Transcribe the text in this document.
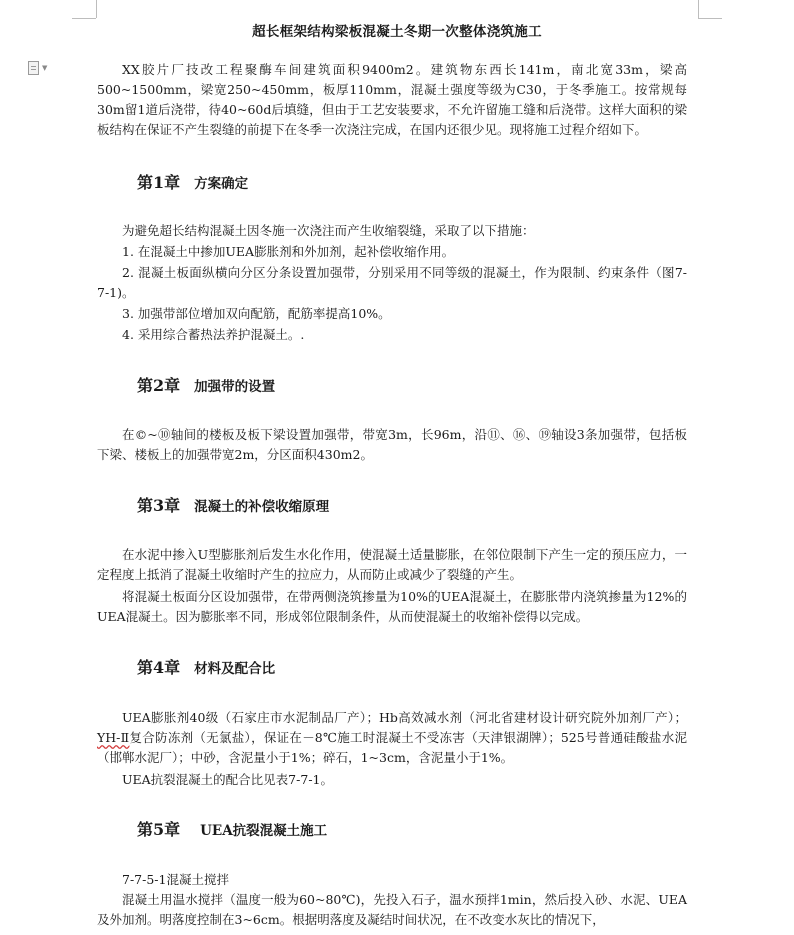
▼
超长框架结构梁板混凝土冬期一次整体浇筑施工
XX胶片厂技改工程聚酶车间建筑面积9400m2。建筑物东西长141m，南北宽33m，梁高500~1500mm，梁宽250~450mm，板厚110mm，混凝土强度等级为C30，于冬季施工。按常规每30m留1道后浇带，待40~60d后填缝，但由于工艺安装要求，不允许留施工缝和后浇带。这样大面积的梁板结构在保证不产生裂缝的前提下在冬季一次浇注完成，在国内还很少见。现将施工过程介绍如下。
第1章 方案确定
为避免超长结构混凝土因冬施一次浇注而产生收缩裂缝，采取了以下措施：
1. 在混凝土中掺加UEA膨胀剂和外加剂，起补偿收缩作用。
2. 混凝土板面纵横向分区分条设置加强带，分别采用不同等级的混凝土，作为限制、约束条件（图7-7-1)。
3. 加强带部位增加双向配筋，配筋率提高10%。
4. 采用综合蓄热法养护混凝土。.
第2章 加强带的设置
在©~⑩轴间的楼板及板下梁设置加强带，带宽3m，长96m，沿⑪、⑯、⑲轴设3条加强带，包括板下梁、楼板上的加强带宽2m，分区面积430m2。
第3章 混凝土的补偿收缩原理
在水泥中掺入U型膨胀剂后发生水化作用，使混凝土适量膨胀，在邻位限制下产生一定的预压应力，一定程度上抵消了混凝土收缩时产生的拉应力，从而防止或减少了裂缝的产生。
将混凝土板面分区设加强带，在带两侧浇筑掺量为10%的UEA混凝土，在膨胀带内浇筑掺量为12%的UEA混凝土。因为膨胀率不同，形成邻位限制条件，从而使混凝土的收缩补偿得以完成。
第4章 材料及配合比
UEA膨胀剂40级（石家庄市水泥制品厂产）；Hb高效减水剂（河北省建材设计研究院外加剂厂产）；YH-Ⅱ复合防冻剂（无氯盐），保证在－8℃施工时混凝土不受冻害（天津银湖牌）；525号普通硅酸盐水泥（邯郸水泥厂）；中砂，含泥量小于1%；碎石，1~3cm，含泥量小于1%。
UEA抗裂混凝土的配合比见表7-7-1。
第5章 UEA抗裂混凝土施工
7-7-5-1混凝土搅拌
混凝土用温水搅拌（温度一般为60~80℃)，先投入石子，温水预拌1min，然后投入砂、水泥、UEA及外加剂。明落度控制在3~6cm。根据明落度及凝结时间状况，在不改变水灰比的情况下，
